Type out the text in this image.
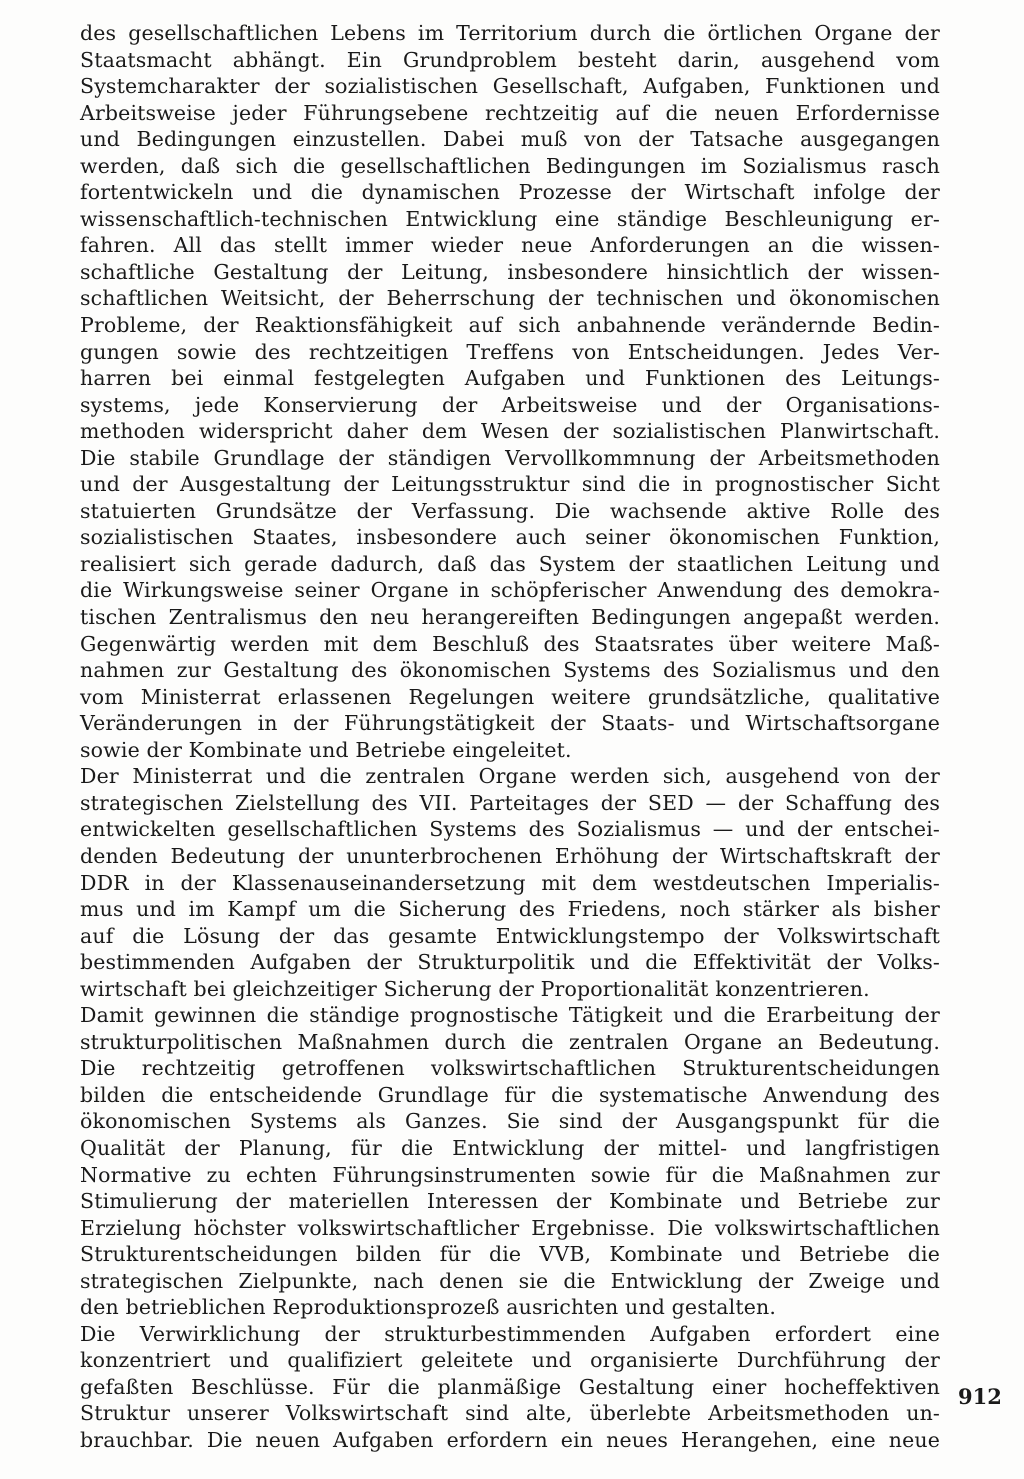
des gesellschaftlichen Lebens im Territorium durch die örtlichen Organe der
Staatsmacht abhängt. Ein Grundproblem besteht darin, ausgehend vom
Systemcharakter der sozialistischen Gesellschaft, Aufgaben, Funktionen und
Arbeitsweise jeder Führungsebene rechtzeitig auf die neuen Erfordernisse
und Bedingungen einzustellen. Dabei muß von der Tatsache ausgegangen
werden, daß sich die gesellschaftlichen Bedingungen im Sozialismus rasch
fortentwickeln und die dynamischen Prozesse der Wirtschaft infolge der
wissenschaftlich-technischen Entwicklung eine ständige Beschleunigung er-
fahren. All das stellt immer wieder neue Anforderungen an die wissen-
schaftliche Gestaltung der Leitung, insbesondere hinsichtlich der wissen-
schaftlichen Weitsicht, der Beherrschung der technischen und ökonomischen
Probleme, der Reaktionsfähigkeit auf sich anbahnende verändernde Bedin-
gungen sowie des rechtzeitigen Treffens von Entscheidungen. Jedes Ver-
harren bei einmal festgelegten Aufgaben und Funktionen des Leitungs-
systems, jede Konservierung der Arbeitsweise und der Organisations-
methoden widerspricht daher dem Wesen der sozialistischen Planwirtschaft.
Die stabile Grundlage der ständigen Vervollkommnung der Arbeitsmethoden
und der Ausgestaltung der Leitungsstruktur sind die in prognostischer Sicht
statuierten Grundsätze der Verfassung. Die wachsende aktive Rolle des
sozialistischen Staates, insbesondere auch seiner ökonomischen Funktion,
realisiert sich gerade dadurch, daß das System der staatlichen Leitung und
die Wirkungsweise seiner Organe in schöpferischer Anwendung des demokra-
tischen Zentralismus den neu herangereiften Bedingungen angepaßt werden.
Gegenwärtig werden mit dem Beschluß des Staatsrates über weitere Maß-
nahmen zur Gestaltung des ökonomischen Systems des Sozialismus und den
vom Ministerrat erlassenen Regelungen weitere grundsätzliche, qualitative
Veränderungen in der Führungstätigkeit der Staats- und Wirtschaftsorgane
sowie der Kombinate und Betriebe eingeleitet.
Der Ministerrat und die zentralen Organe werden sich, ausgehend von der
strategischen Zielstellung des VII. Parteitages der SED — der Schaffung des
entwickelten gesellschaftlichen Systems des Sozialismus — und der entschei-
denden Bedeutung der ununterbrochenen Erhöhung der Wirtschaftskraft der
DDR in der Klassenauseinandersetzung mit dem westdeutschen Imperialis-
mus und im Kampf um die Sicherung des Friedens, noch stärker als bisher
auf die Lösung der das gesamte Entwicklungstempo der Volkswirtschaft
bestimmenden Aufgaben der Strukturpolitik und die Effektivität der Volks-
wirtschaft bei gleichzeitiger Sicherung der Proportionalität konzentrieren.
Damit gewinnen die ständige prognostische Tätigkeit und die Erarbeitung der
strukturpolitischen Maßnahmen durch die zentralen Organe an Bedeutung.
Die rechtzeitig getroffenen volkswirtschaftlichen Strukturentscheidungen
bilden die entscheidende Grundlage für die systematische Anwendung des
ökonomischen Systems als Ganzes. Sie sind der Ausgangspunkt für die
Qualität der Planung, für die Entwicklung der mittel- und langfristigen
Normative zu echten Führungsinstrumenten sowie für die Maßnahmen zur
Stimulierung der materiellen Interessen der Kombinate und Betriebe zur
Erzielung höchster volkswirtschaftlicher Ergebnisse. Die volkswirtschaftlichen
Strukturentscheidungen bilden für die VVB, Kombinate und Betriebe die
strategischen Zielpunkte, nach denen sie die Entwicklung der Zweige und
den betrieblichen Reproduktionsprozeß ausrichten und gestalten.
Die Verwirklichung der strukturbestimmenden Aufgaben erfordert eine
konzentriert und qualifiziert geleitete und organisierte Durchführung der
gefaßten Beschlüsse. Für die planmäßige Gestaltung einer hocheffektiven
Struktur unserer Volkswirtschaft sind alte, überlebte Arbeitsmethoden un-
brauchbar. Die neuen Aufgaben erfordern ein neues Herangehen, eine neue
912
